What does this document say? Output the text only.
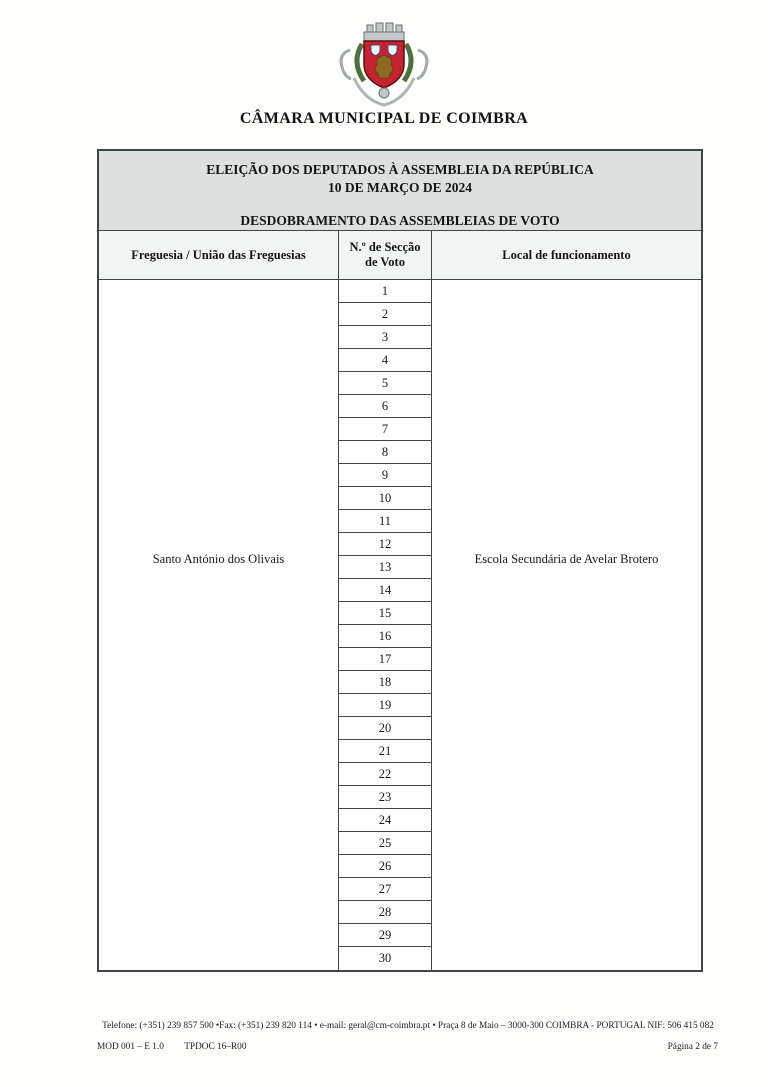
CÂMARA MUNICIPAL DE COIMBRA
ELEIÇÃO DOS DEPUTADOS À ASSEMBLEIA DA REPÚBLICA
10 DE MARÇO DE 2024
DESDOBRAMENTO DAS ASSEMBLEIAS DE VOTO
Freguesia / União das Freguesias
N.º de Secção de Voto
Local de funcionamento
Santo António dos Olivais
1
2
3
4
5
6
7
8
9
10
11
12
13
14
15
16
17
18
19
20
21
22
23
24
25
26
27
28
29
30
Escola Secundária de Avelar Brotero
Telefone: (+351) 239 857 500 •Fax: (+351) 239 820 114 • e-mail: geral@cm-coimbra.pt • Praça 8 de Maio – 3000-300 COIMBRA - PORTUGAL NIF: 506 415 082
MOD 001 – E 1.0 TPDOC 16–R00	Página 2 de 7
